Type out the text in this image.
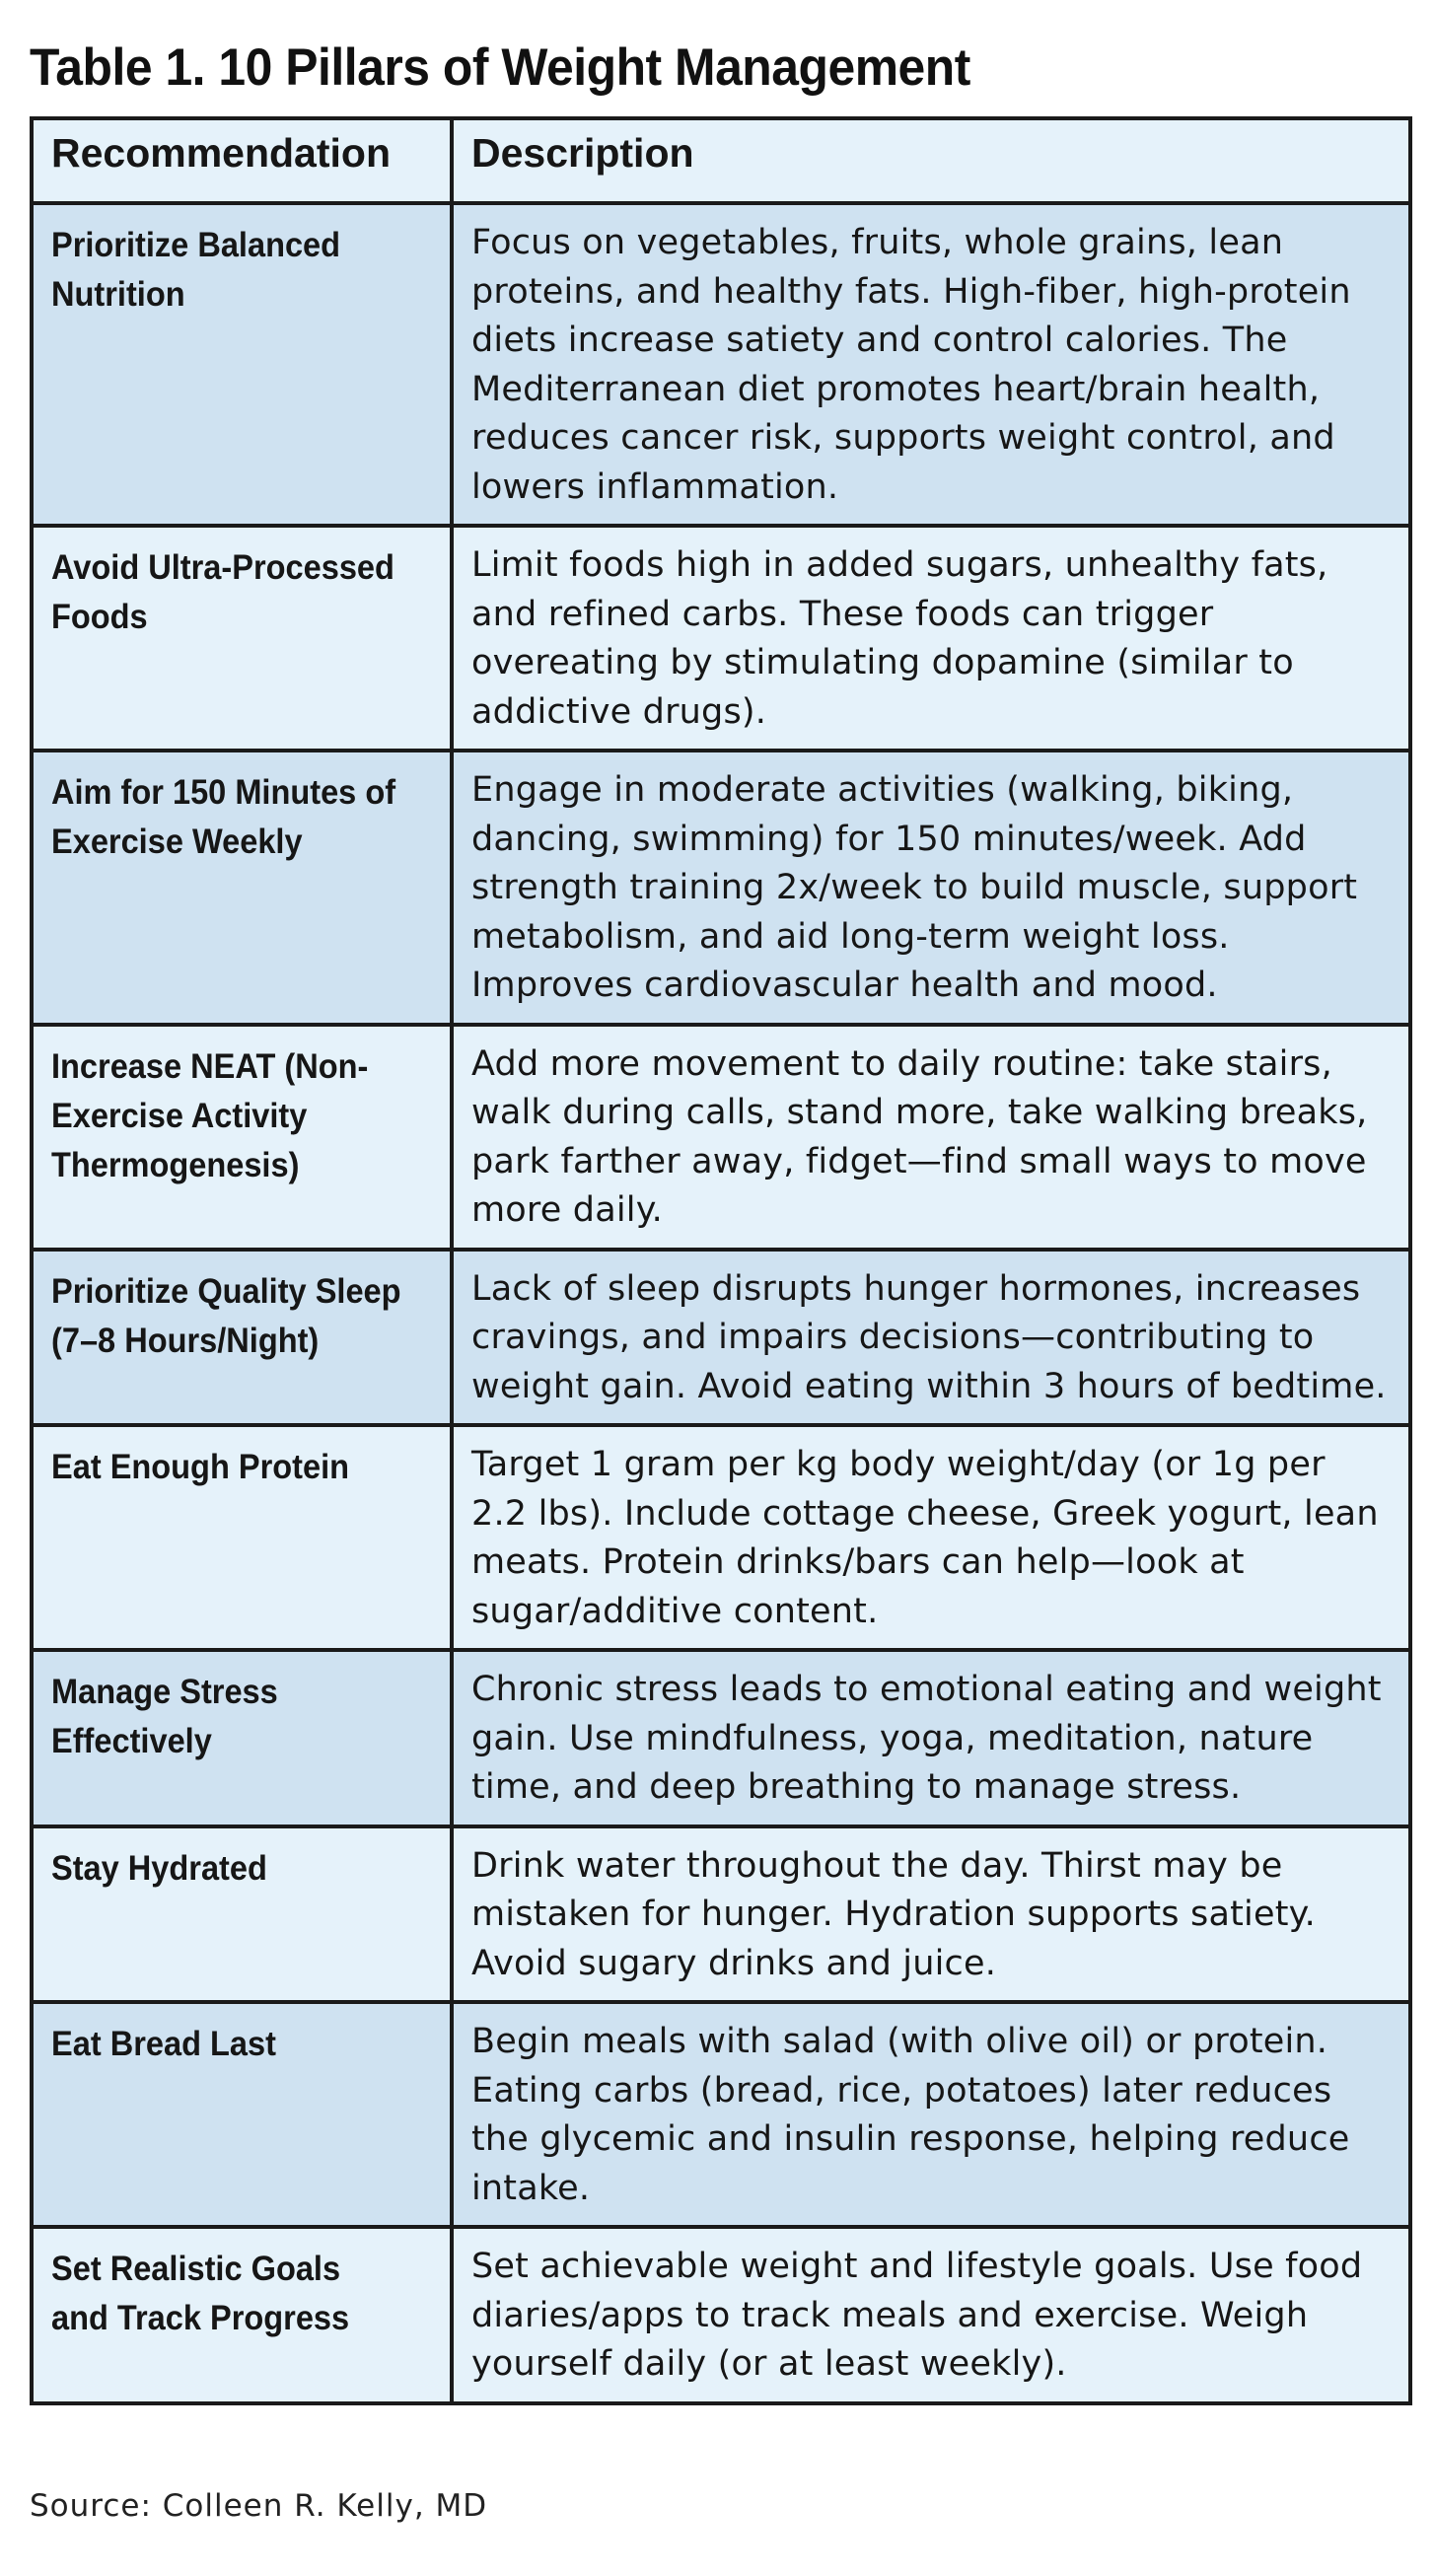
Table 1. 10 Pillars of Weight Management
Recommendation	Description
Prioritize Balanced Nutrition	Focus on vegetables, fruits, whole grains, lean proteins, and healthy fats. High-fiber, high-protein diets increase satiety and control calories. The Mediterranean diet promotes heart/brain health, reduces cancer risk, supports weight control, and lowers inflammation.

Avoid Ultra-Processed Foods	Limit foods high in added sugars, unhealthy fats, and refined carbs. These foods can trigger overeating by stimulating dopamine (similar to addictive drugs).

Aim for 150 Minutes of Exercise Weekly	Engage in moderate activities (walking, biking, dancing, swimming) for 150 minutes/week. Add strength training 2x/week to build muscle, support metabolism, and aid long-term weight loss. Improves cardiovascular health and mood.

Increase NEAT (Non-Exercise Activity Thermogenesis)	Add more movement to daily routine: take stairs, walk during calls, stand more, take walking breaks, park farther away, fidget—find small ways to move more daily.

Prioritize Quality Sleep (7–8 Hours/Night)	Lack of sleep disrupts hunger hormones, increases cravings, and impairs decisions—contributing to weight gain. Avoid eating within 3 hours of bedtime.

Eat Enough Protein	Target 1 gram per kg body weight/day (or 1g per 2.2 lbs). Include cottage cheese, Greek yogurt, lean meats. Protein drinks/bars can help—look at sugar/additive content.

Manage Stress Effectively	Chronic stress leads to emotional eating and weight gain. Use mindfulness, yoga, meditation, nature time, and deep breathing to manage stress.

Stay Hydrated	Drink water throughout the day. Thirst may be mistaken for hunger. Hydration supports satiety. Avoid sugary drinks and juice.

Eat Bread Last	Begin meals with salad (with olive oil) or protein. Eating carbs (bread, rice, potatoes) later reduces the glycemic and insulin response, helping reduce intake.

Set Realistic Goals and Track Progress	Set achievable weight and lifestyle goals. Use food diaries/apps to track meals and exercise. Weigh yourself daily (or at least weekly).

Source: Colleen R. Kelly, MD
